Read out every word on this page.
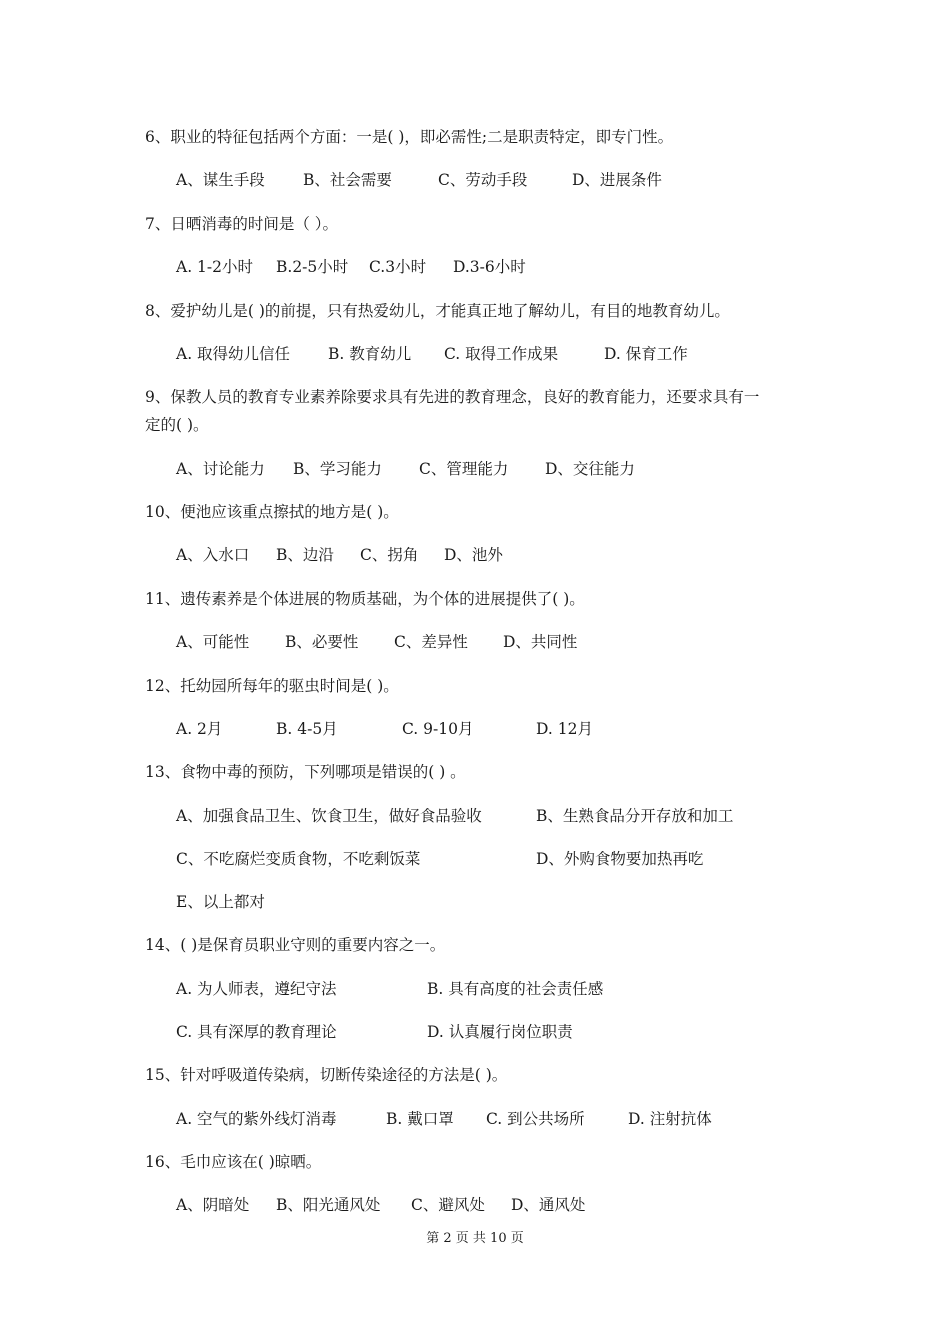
6、职业的特征包括两个方面：一是( )，即必需性;二是职责特定，即专门性。
A、谋生手段 B、社会需要	C、劳动手段	D、进展条件
7、日晒消毒的时间是（ ）。
A. 1-2小时 B.2-5小时 C.3小时 D.3-6小时
8、爱护幼儿是( )的前提，只有热爱幼儿，才能真正地了解幼儿，有目的地教育幼儿。
A. 取得幼儿信任 B. 教育幼儿 C. 取得工作成果	D. 保育工作
9、保教人员的教育专业素养除要求具有先进的教育理念，良好的教育能力，还要求具有一
定的( )。
A、讨论能力 B、学习能力 C、管理能力 D、交往能力
10、便池应该重点擦拭的地方是( )。
A、入水口 B、边沿 C、拐角 D、池外
11、遗传素养是个体进展的物质基础，为个体的进展提供了( )。
A、可能性 B、必要性 C、差异性 D、共同性
12、托幼园所每年的驱虫时间是( )。
A. 2月	B. 4-5月	C. 9-10月	D. 12月
13、食物中毒的预防，下列哪项是错误的( ) 。
A、加强食品卫生、饮食卫生，做好食品验收	B、生熟食品分开存放和加工
C、不吃腐烂变质食物，不吃剩饭菜	D、外购食物要加热再吃
E、以上都对
14、( )是保育员职业守则的重要内容之一。
A. 为人师表，遵纪守法	B. 具有高度的社会责任感
C. 具有深厚的教育理论	D. 认真履行岗位职责
15、针对呼吸道传染病，切断传染途径的方法是( )。
A. 空气的紫外线灯消毒	B. 戴口罩 C. 到公共场所	D. 注射抗体
16、毛巾应该在( )晾晒。
A、阴暗处 B、阳光通风处 C、避风处 D、通风处
第 2 页 共 10 页
